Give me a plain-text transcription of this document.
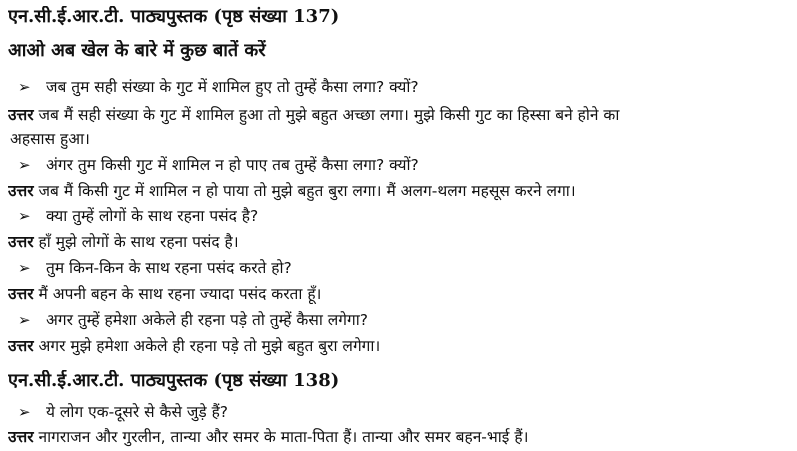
एन.सी.ई.आर.टी. पाठ्यपुस्तक (पृष्ठ संख्या 137)
आओ अब खेल के बारे में कुछ बातें करें
➢ जब तुम सही संख्या के गुट में शामिल हुए तो तुम्हें कैसा लगा? क्यों?
उत्तर जब मैं सही संख्या के गुट में शामिल हुआ तो मुझे बहुत अच्छा लगा। मुझे किसी गुट का हिस्सा बने होने का
अहसास हुआ।
➢ अंगर तुम किसी गुट में शामिल न हो पाए तब तुम्हें कैसा लगा? क्यों?
उत्तर जब मैं किसी गुट में शामिल न हो पाया तो मुझे बहुत बुरा लगा। मैं अलग-थलग महसूस करने लगा।
➢ क्या तुम्हें लोगों के साथ रहना पसंद है?
उत्तर हाँ मुझे लोगों के साथ रहना पसंद है।
➢ तुम किन-किन के साथ रहना पसंद करते हो?
उत्तर मैं अपनी बहन के साथ रहना ज्यादा पसंद करता हूँ।
➢ अगर तुम्हें हमेशा अकेले ही रहना पड़े तो तुम्हें कैसा लगेगा?
उत्तर अगर मुझे हमेशा अकेले ही रहना पड़े तो मुझे बहुत बुरा लगेगा।
एन.सी.ई.आर.टी. पाठ्यपुस्तक (पृष्ठ संख्या 138)
➢ ये लोग एक-दूसरे से कैसे जुड़े हैं?
उत्तर नागराजन और गुरलीन, तान्या और समर के माता-पिता हैं। तान्या और समर बहन-भाई हैं।
